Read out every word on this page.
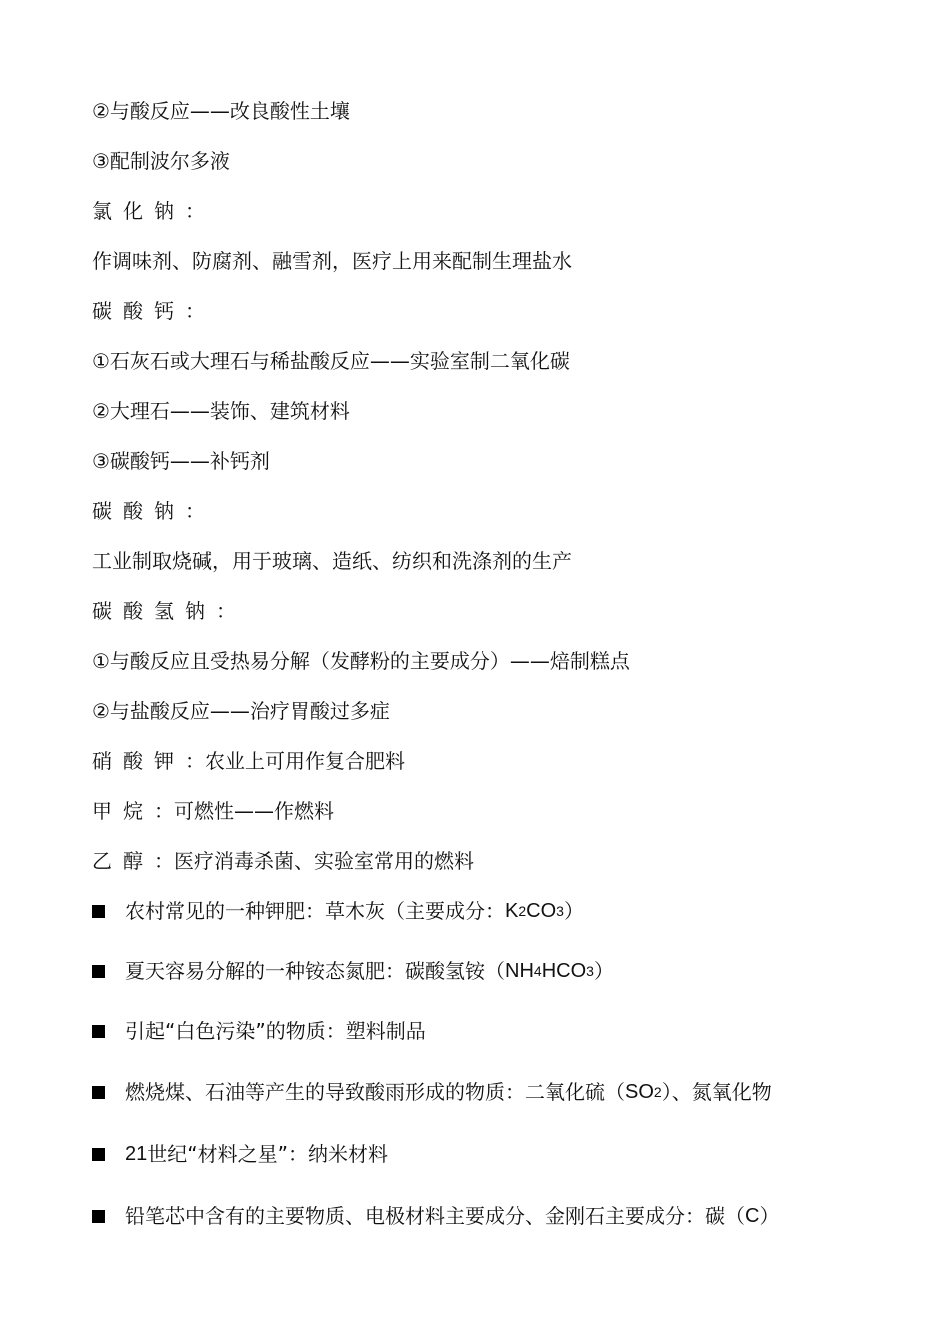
②与酸反应——改良酸性土壤
③配制波尔多液
氯化钠：
作调味剂、防腐剂、融雪剂，医疗上用来配制生理盐水
碳酸钙：
①石灰石或大理石与稀盐酸反应——实验室制二氧化碳
②大理石——装饰、建筑材料
③碳酸钙——补钙剂
碳酸钠：
工业制取烧碱，用于玻璃、造纸、纺织和洗涤剂的生产
碳酸氢钠：
①与酸反应且受热易分解（发酵粉的主要成分）——焙制糕点
②与盐酸反应——治疗胃酸过多症
硝酸钾：农业上可用作复合肥料
甲烷：可燃性——作燃料
乙醇：医疗消毒杀菌、实验室常用的燃料
农村常见的一种钾肥：草木灰（主要成分： K 2 CO 3 ）
夏天容易分解的一种铵态氮肥：碳酸氢铵（ NH 4 HCO 3 ）
引起“白色污染”的物质：塑料制品
燃烧煤、石油等产生的导致酸雨形成的物质：二氧化硫（ SO 2 ）、氮氧化物
21 世纪“材料之星”：纳米材料
铅笔芯中含有的主要物质、电极材料主要成分、金刚石主要成分：碳（ C ）
